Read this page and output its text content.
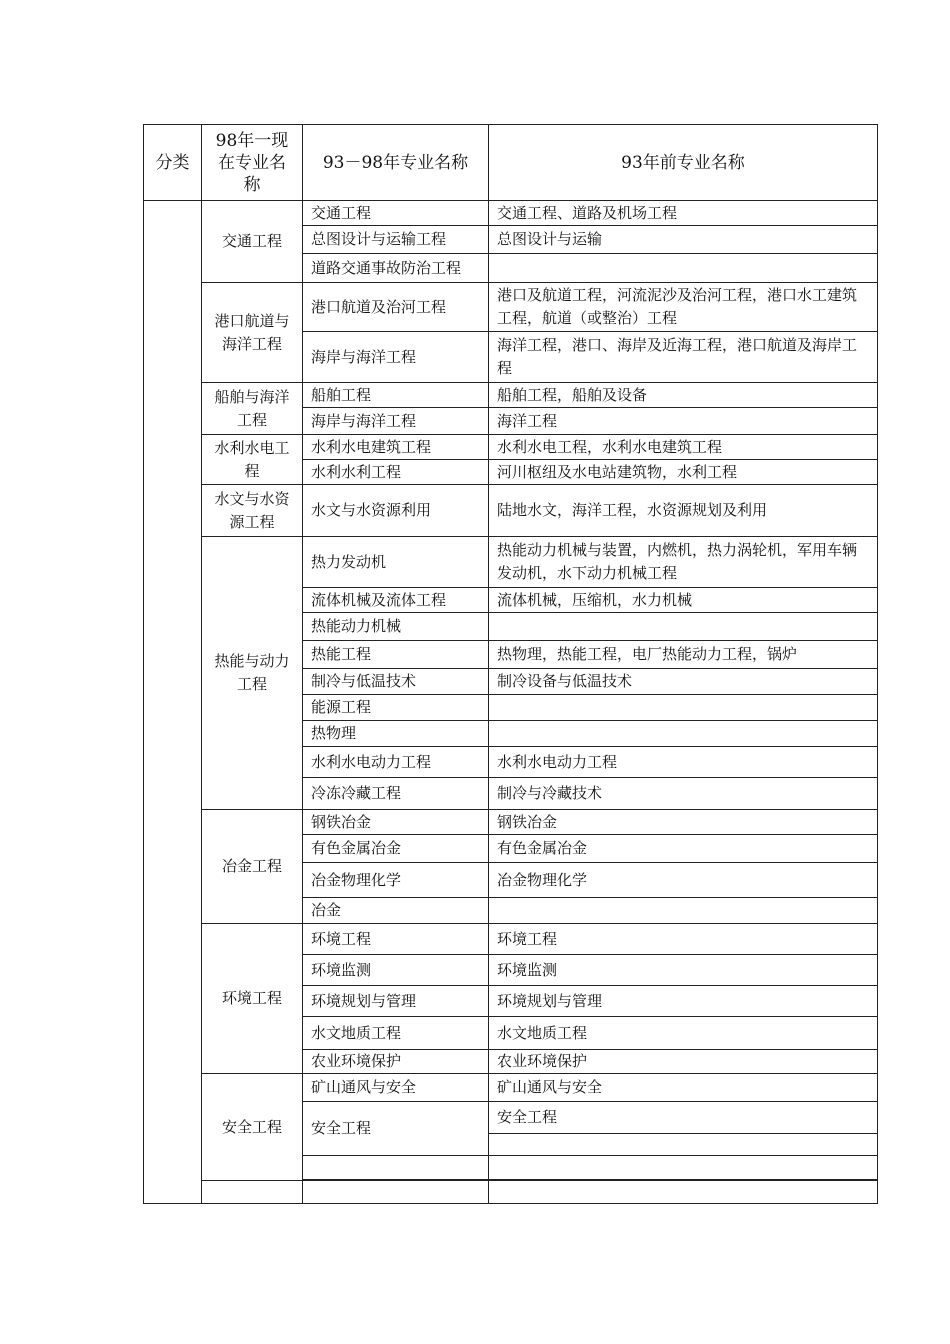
分类	98年一现在专业名称	93－98年专业名称	93年前专业名称	
	交通工程	交通工程	交通工程、道路及机场工程	
		总图设计与运输工程	总图设计与运输	
		道路交通事故防治工程		
	港口航道与海洋工程	港口航道及治河工程	港口及航道工程，河流泥沙及治河工程，港口水工建筑工程，航道（或整治）工程	
		海岸与海洋工程	海洋工程，港口、海岸及近海工程，港口航道及海岸工程	
	船舶与海洋工程	船舶工程	船舶工程，船舶及设备	
		海岸与海洋工程	海洋工程	
	水利水电工程	水利水电建筑工程	水利水电工程，水利水电建筑工程	
		水利水利工程	河川枢纽及水电站建筑物，水利工程	
	水文与水资源工程	水文与水资源利用	陆地水文，海洋工程，水资源规划及利用	
	热能与动力工程	热力发动机	热能动力机械与装置，内燃机，热力涡轮机，军用车辆发动机，水下动力机械工程	
		流体机械及流体工程	流体机械，压缩机，水力机械	
		热能动力机械		
		热能工程	热物理，热能工程，电厂热能动力工程，锅炉	
		制冷与低温技术	制冷设备与低温技术	
		能源工程		
		热物理		
		水利水电动力工程	水利水电动力工程	
		冷冻冷藏工程	制冷与冷藏技术	
	冶金工程	钢铁冶金	钢铁冶金	
		有色金属冶金	有色金属冶金	
		冶金物理化学	冶金物理化学	
		冶金		
	环境工程	环境工程	环境工程	
		环境监测	环境监测	
		环境规划与管理	环境规划与管理	
		水文地质工程	水文地质工程	
		农业环境保护	农业环境保护	
	安全工程	矿山通风与安全	矿山通风与安全	
		安全工程	安全工程	
